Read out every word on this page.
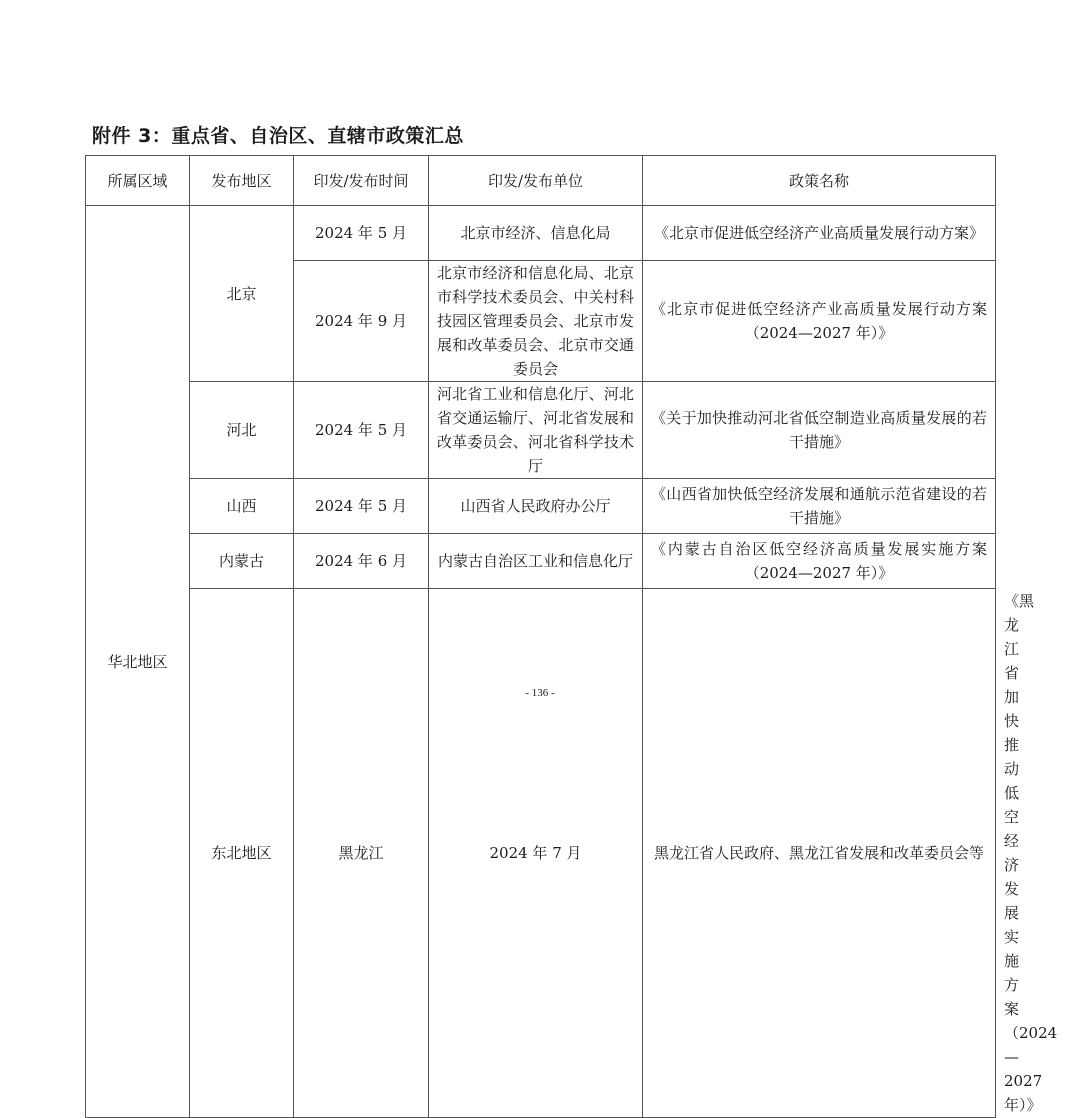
附件 3：重点省、自治区、直辖市政策汇总
所属区域	发布地区	印发/发布时间	印发/发布单位	政策名称	
华北地区	北京	2024 年 5 月	北京市经济、信息化局	《北京市促进低空经济产业高质量发展行动方案》	
		2024 年 9 月	北京市经济和信息化局、北京市科学技术委员会、中关村科技园区管理委员会、北京市发展和改革委员会、北京市交通委员会	《北京市促进低空经济产业高质量发展行动方案（2024—2027 年）》	
	河北	2024 年 5 月	河北省工业和信息化厅、河北省交通运输厅、河北省发展和改革委员会、河北省科学技术厅	《关于加快推动河北省低空制造业高质量发展的若干措施》	
	山西	2024 年 5 月	山西省人民政府办公厅	《山西省加快低空经济发展和通航示范省建设的若干措施》	
	内蒙古	2024 年 6 月	内蒙古自治区工业和信息化厅	《内蒙古自治区低空经济高质量发展实施方案（2024—2027 年）》	
	东北地区	黑龙江	2024 年 7 月	黑龙江省人民政府、黑龙江省发展和改革委员会等	《黑龙江省加快推动低空经济发展实施方案（2024—2027 年）》
- 136 -
